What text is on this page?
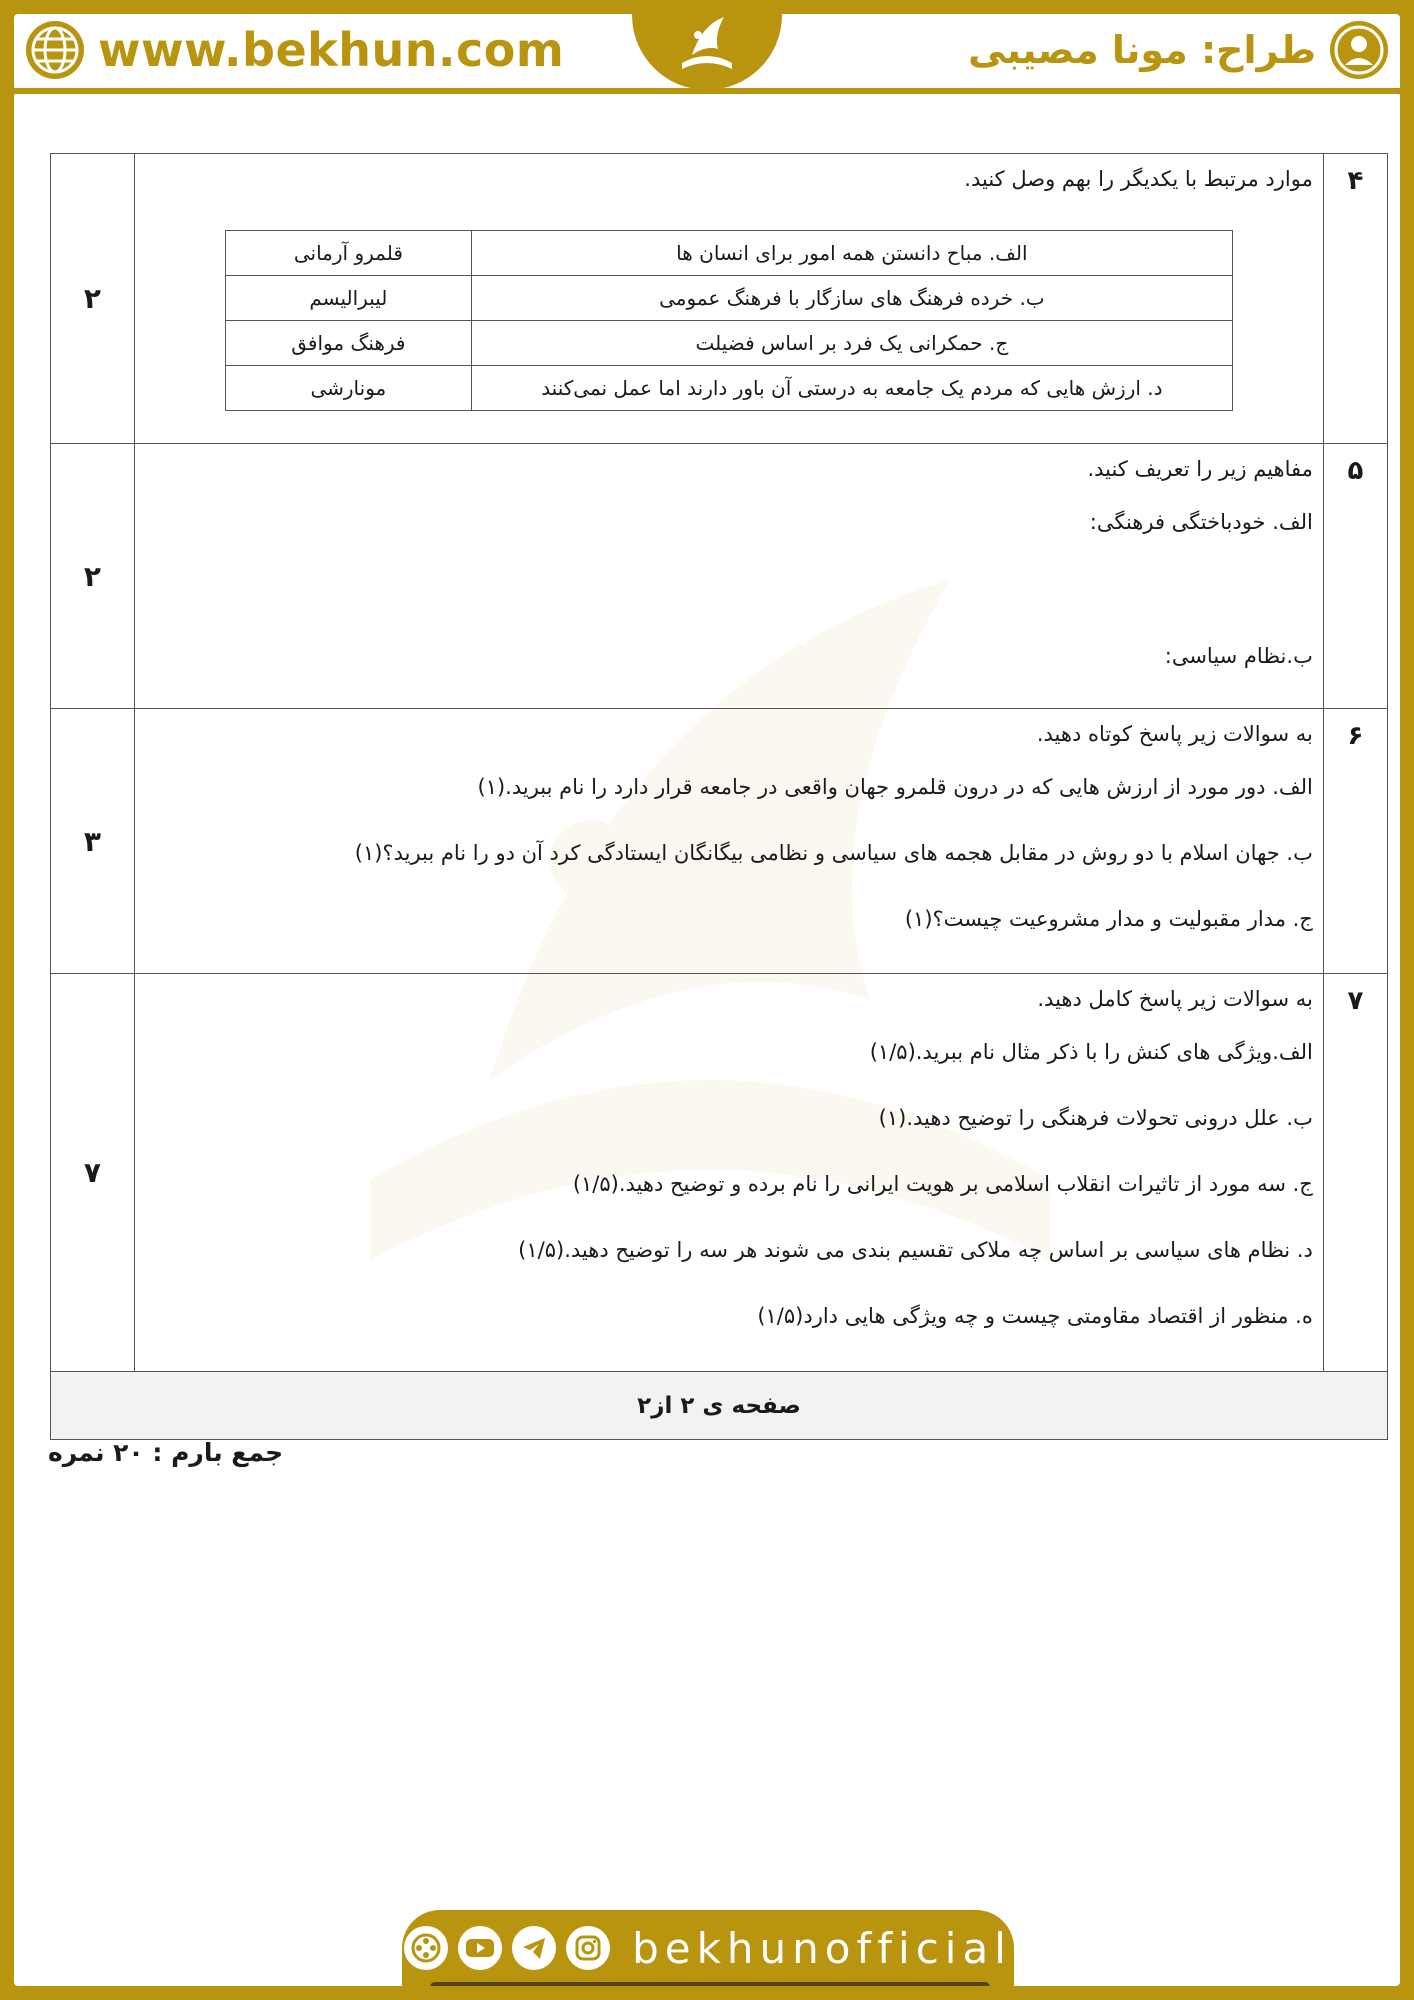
www.bekhun.com	طراح: مونا مصیبی
۴	
موارد مرتبط با یکدیگر را بهم وصل کنید.
الف. مباح دانستن همه امور برای انسان ها	قلمرو آرمانی
ب. خرده فرهنگ های سازگار با فرهنگ عمومی	لیبرالیسم
ج. حمکرانی یک فرد بر اساس فضیلت	فرهنگ موافق
د. ارزش هایی که مردم یک جامعه به درستی آن باور دارند اما عمل نمی‌کنند	مونارشی
	۲
۵	
مفاهیم زیر را تعریف کنید.
الف. خودباختگی فرهنگی:
ب.نظام سیاسی:
	۲
۶	
به سوالات زیر پاسخ کوتاه دهید.
الف. دور مورد از ارزش هایی که در درون قلمرو جهان واقعی در جامعه قرار دارد را نام ببرید.(۱)
ب. جهان اسلام با دو روش در مقابل هجمه های سیاسی و نظامی بیگانگان ایستادگی کرد آن دو را نام ببرید؟(۱)
ج. مدار مقبولیت و مدار مشروعیت چیست؟(۱)
	۳
۷	
به سوالات زیر پاسخ کامل دهید.
الف.ویژگی های کنش را با ذکر مثال نام ببرید.(۱/۵)
ب. علل درونی تحولات فرهنگی را توضیح دهید.(۱)
ج. سه مورد از تاثیرات انقلاب اسلامی بر هویت ایرانی را نام برده و توضیح دهید.(۱/۵)
د. نظام های سیاسی بر اساس چه ملاکی تقسیم بندی می شوند هر سه را توضیح دهید.(۱/۵)
ه. منظور از اقتصاد مقاومتی چیست و چه ویژگی هایی دارد(۱/۵)
	۷
صفحه ی ۲ از۲
جمع بارم : ۲۰ نمره
bekhunofficial
